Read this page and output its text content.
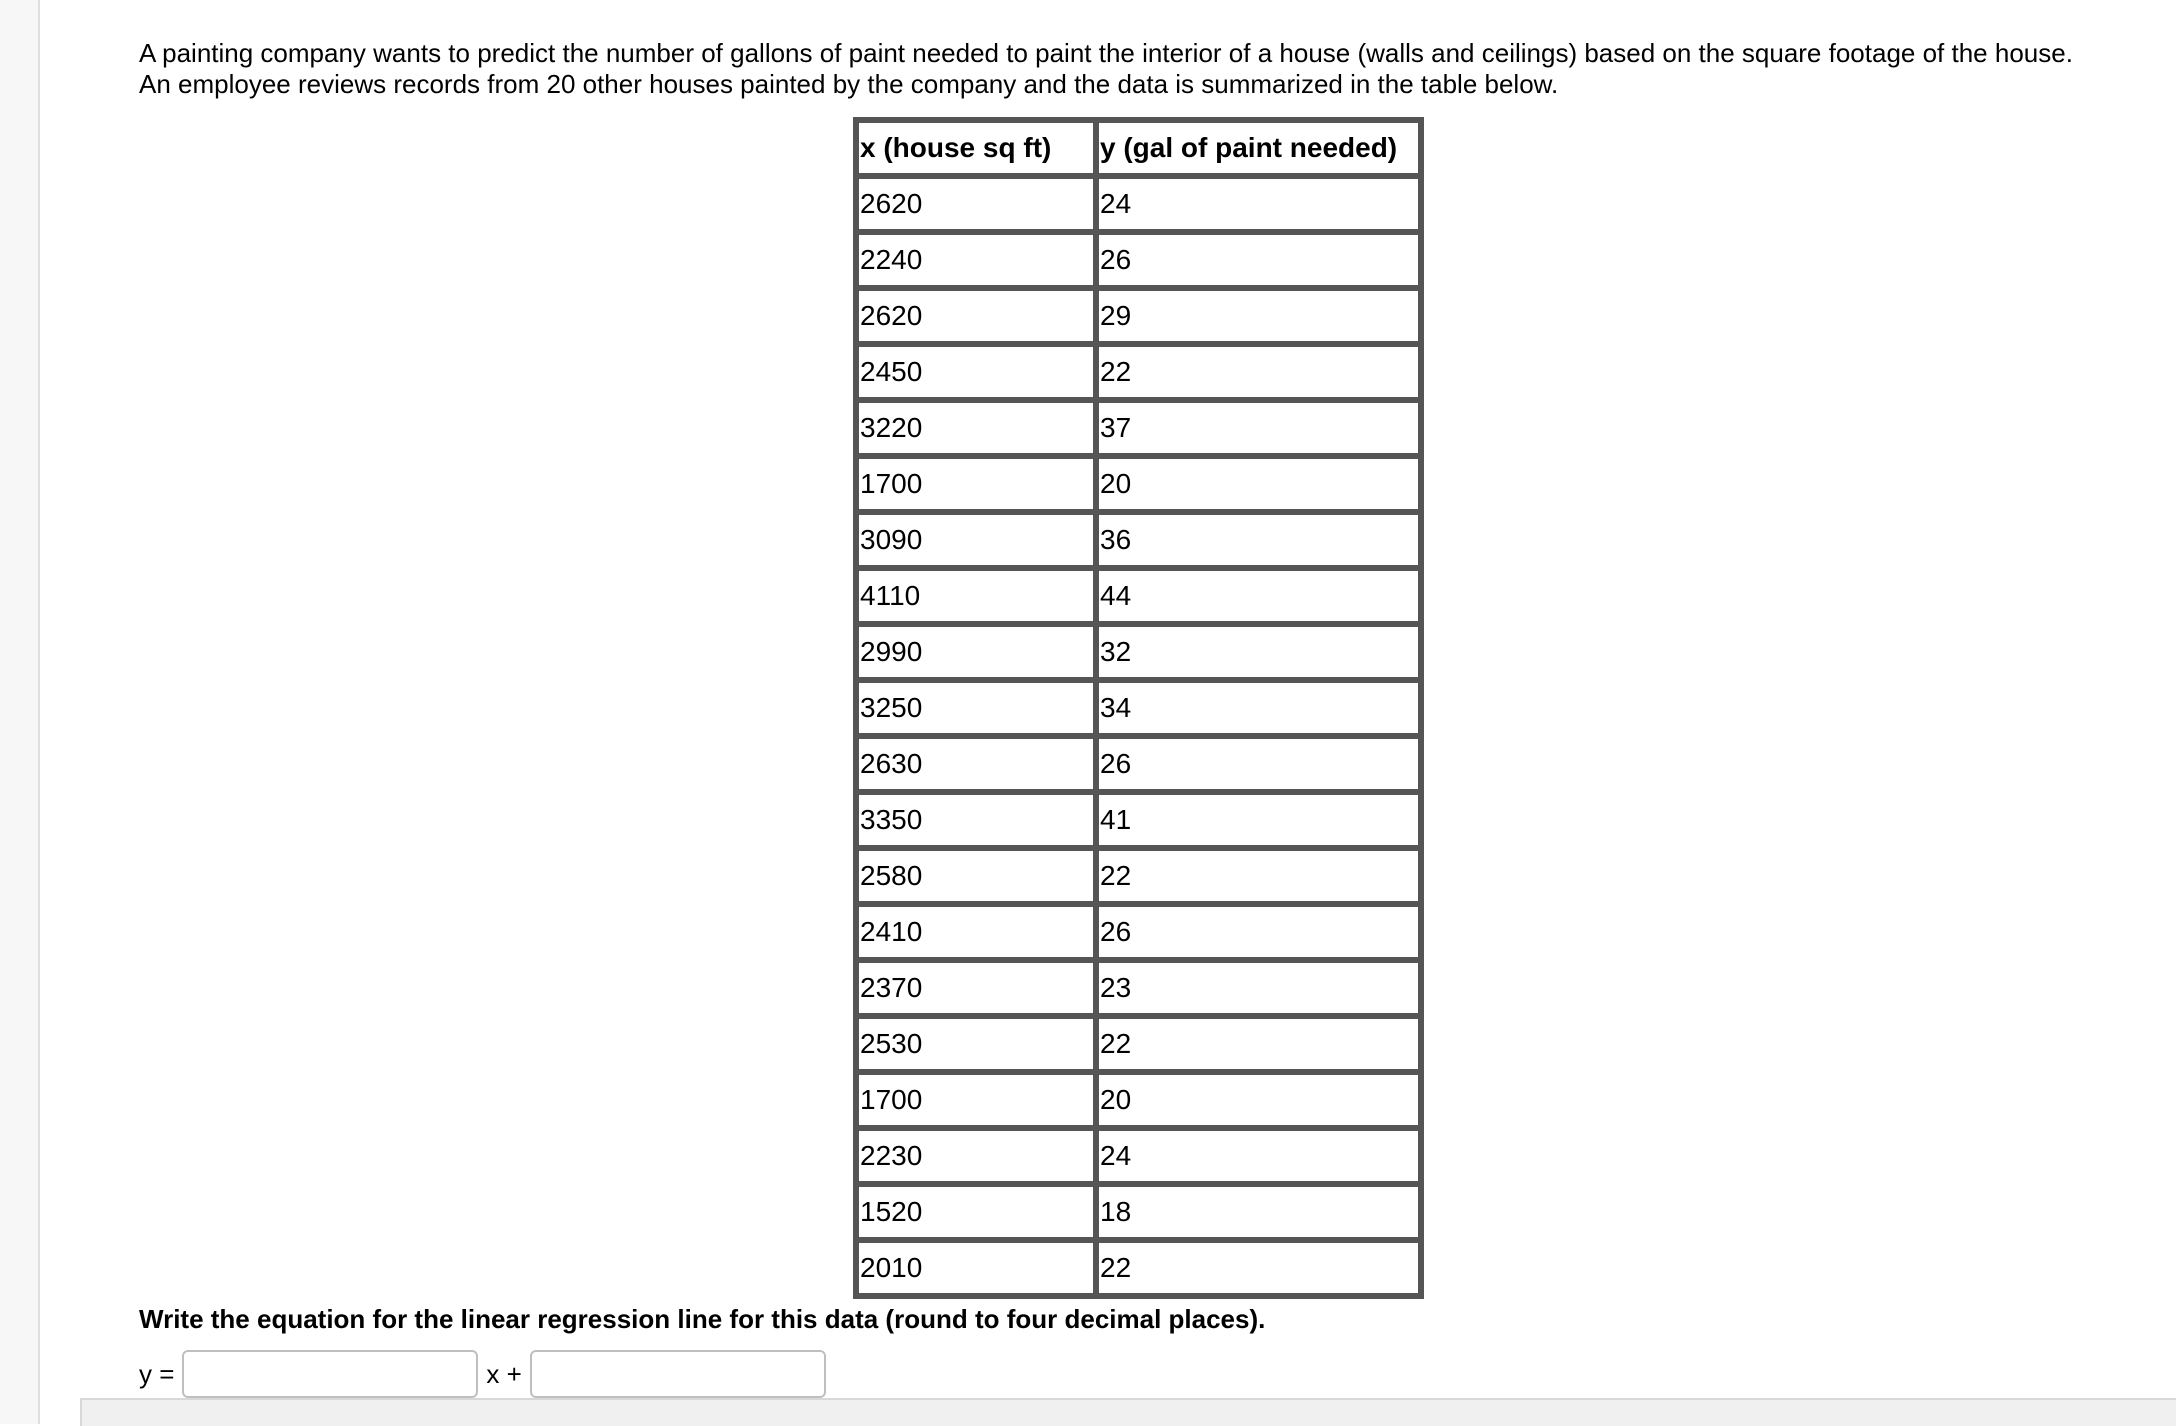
A painting company wants to predict the number of gallons of paint needed to paint the interior of a house (walls and ceilings) based on the square footage of the house.

An employee reviews records from 20 other houses painted by the company and the data is summarized in the table below.

x (house sq ft)	y (gal of paint needed)
2620	24
2240	26
2620	29
2450	22
3220	37
1700	20
3090	36
4110	44
2990	32
3250	34
2630	26
3350	41
2580	22
2410	26
2370	23
2530	22
1700	20
2230	24
1520	18
2010	22

Write the equation for the linear regression line for this data (round to four decimal places).

y =	x +
